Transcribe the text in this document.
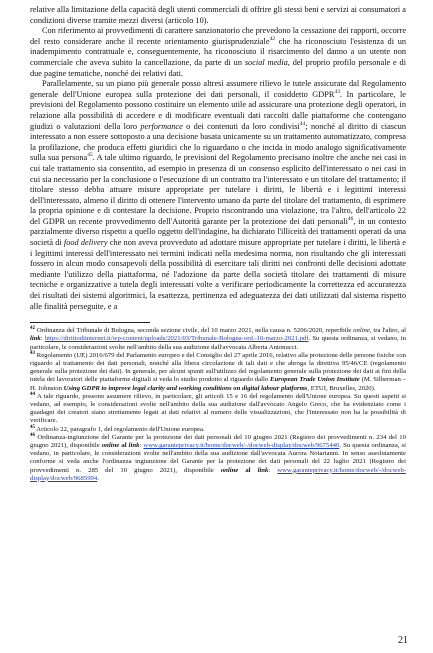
relative alla limitazione della capacità degli utenti commerciali di offrire gli stessi beni e servizi ai consumatori a condizioni diverse tramite mezzi diversi (articolo 10).

Con riferimento ai provvedimenti di carattere sanzionatorio che prevedono la cessazione dei rapporti, occorre del resto considerare anche il recente orientamento giurisprudenziale$^{42}$ che ha riconosciuto l'esistenza di un inadempimento contrattuale e, conseguentemente, ha riconosciuto il risarcimento del danno a un utente non commerciale che aveva subito la cancellazione, da parte di un social media, del proprio profilo personale e di due pagine tematiche, nonché dei relativi dati.

Parallelamente, su un piano più generale posso altresì assumere rilievo le tutele assicurate dal Regolamento generale dell'Unione europea sulla protezione dei dati personali, il cosiddetto GDPR$^{43}$. In particolare, le previsioni del Regolamento possono costituire un elemento utile ad assicurare una protezione degli operatori, in relazione alla possibilità di accedere e di modificare eventuali dati raccolti dalle piattaforme che contengano giudizi o valutazioni della loro performance o dei contenuti da loro condivisi$^{44}$; nonché al diritto di ciascun interessato a non essere sottoposto a una decisione basata unicamente su un trattamento automatizzato, compresa la profilazione, che produca effetti giuridici che lo riguardano o che incida in modo analogo significativamente sulla sua persona$^{45}$. A tale ultimo riguardo, le previsioni del Regolamento precisano inoltre che anche nei casi in cui tale trattamento sia consentito, ad esempio in presenza di un consenso esplicito dell'interessato o nei casi in cui sia necessario per la conclusione o l'esecuzione di un contratto tra l'interessato e un titolare del trattamento; il titolare stesso debba attuare misure appropriate per tutelare i diritti, le libertà e i legittimi interessi dell'interessato, almeno il diritto di ottenere l'intervento umano da parte del titolare del trattamento, di esprimere la propria opinione e di contestare la decisione. Proprio riscontrando una violazione, tra l'altro, dell'articolo 22 del GDPR un recente provvedimento dell'Autorità garante per la protezione dei dati personali$^{46}$, in un contesto parzialmente diverso rispetto a quello oggetto dell'indagine, ha dichiarato l'illiceità dei trattamenti operati da una società di food delivery che non aveva provveduto ad adottare misure appropriate per tutelare i diritti, le libertà e i legittimi interessi dell'interessato nei termini indicati nella medesima norma, non risultando che gli interessati fossero in alcun modo consapevoli della possibilità di esercitare tali diritti nei confronti delle decisioni adottate mediante l'utilizzo della piattaforma, né l'adozione da parte della società titolare dei trattamenti di misure tecniche e organizzative a tutela degli interessati volte a verificare periodicamente la correttezza ed accuratezza dei risultati dei sistemi algoritmici, la esattezza, pertinenza ed adeguatezza dei dati utilizzati dal sistema rispetto alle finalità perseguite, e a

$^{42}$ Ordinanza del Tribunale di Bologna, seconda sezione civile, del 10 marzo 2021, nella causa n. 5206/2020, reperibile online, tra l'altro, al link: https://dirittodiinternet.it/wp-content/uploads/2021/03/Tribunale-Bologna-ord.-10-marzo-2021.pdf. Su questa ordinanza, si vedano, in particolare, le considerazioni svolte nell'ambito della sua audizione dall'avvocata Alberta Antonucci.

$^{43}$ Regolamento (UE) 2016/679 del Parlamento europeo e del Consiglio del 27 aprile 2016, relativo alla protezione delle persone fisiche con riguardo al trattamento dei dati personali, nonché alla libera circolazione di tali dati e che abroga la direttiva 95/46/CE (regolamento generale sulla protezione dei dati). In generale, per alcuni spunti sull'utilizzo del regolamento generale sulla protezione dei dati ai fini della tutela dei lavoratori delle piattaforme digitali si veda lo studio prodotto al riguardo dallo European Trade Union Institute (M. Silberman – H. Johnston Using GDPR to improve legal clarity and working conditions on digital labour platforms, ETUI, Bruxelles, 2020).

$^{44}$ A tale riguardo, possono assumere rilievo, in particolare, gli articoli 15 e 16 del regolamento dell'Unione europea. Su questi aspetti si vedano, ad esempio, le considerazioni svolte nell'ambito della sua audizione dall'avvocato Angelo Greco, che ha evidenziato come i guadagni dei creatori siano strettamente legati ai dati relativi al numero delle visualizzazioni, che l'interessato non ha la possibilità di verificare.

$^{45}$ Articolo 22, paragrafo 1, del regolamento dell'Unione europea.

$^{46}$ Ordinanza-ingiunzione del Garante per la protezione dei dati personali del 10 giugno 2021 (Registro dei provvedimenti n. 234 del 10 giugno 2021), disponibile online al link: www.garanteprivacy.it/home/docweb/-/docweb-display/docweb/9675440. Su questa ordinanza, si vedano, in particolare, le considerazioni svolte nell'ambito della sua audizione dall'avvocata Aurora Notarianni. In senso assolutamente conforme si veda anche l'ordinanza ingiunzione del Garante per la protezione dei dati personali del 22 luglio 2021 (Registro dei provvedimenti n. 285 del 10 giugno 2021), disponibile online al link: www.garanteprivacy.it/home/docweb/-/docweb-display/docweb/9685994.

21
